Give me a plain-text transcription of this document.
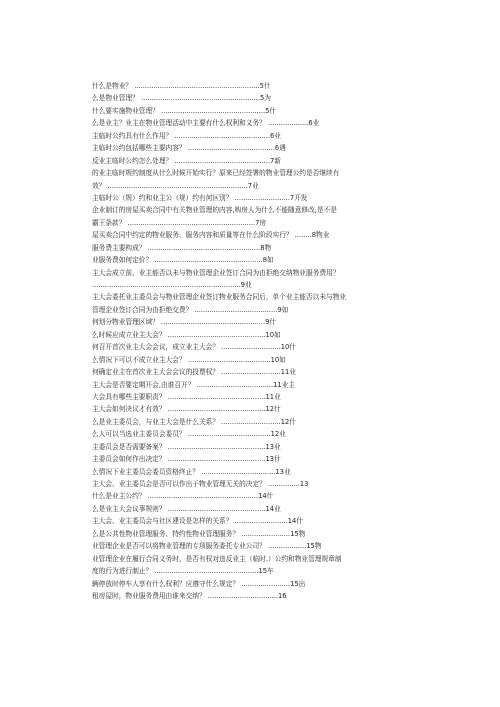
什么是物业？ ...........................................................5什
么是物业管理？ ........................................................5为
什么要实施物业管理？ .................................................5什
么是业主？业主在物业管理活动中主要有什么权利和义务？ ...................6业
主临时公约具有什么作用？ .............................................6业
主临时公约包括哪些主要内容？ .........................................6遇
反业主临时公约怎么处理？ .............................................7新
的业主临时规约制度从什么时候开始实行？原来已经签署的物业管理公约是否继续有
效？ ..................................................................7业
主临时公（规）约和业主公（规）约有何区别？ ..........................7开发
企业制订的房屋买卖合同中有关物业管理的内容,购房人为什么不能随意修改,是不是
霸王条款？ ............................................................7房
屋买卖合同中约定的物业服务、服务内容和质量等在什么阶段实行？ ........8物业
服务费主要构成？ .....................................................8物
业服务费如何定价？ ...................................................8如
主大会成立前，业主能否以未与物业管理企业签订合同为由拒绝交纳物业服务费用？
......................................................................9业
主大会委托业主委员会与物业管理企业签订物业服务合同后，单个业主能否以未与物业
管理企业签订合同为由拒绝交费？ .......................................9如
何划分物业管理区域？ .................................................9什
么时候应成立业主大会？ ..............................................10如
何召开首次业主大会会议，成立业主大会？ ............................10什
么情况下可以不成立业主大会？ .......................................10如
何确定业主在首次业主大会会议的投票权？ ............................11业
主大会是否要定期开会,由谁召开？ ....................................11业主
大会具有哪些主要职责？ ..............................................11业
主大会如何决议才有效？ ..............................................12什
么是业主委员会，与业主大会是什么关系？ ............................12什
么人可以当选业主委员会委员？ .......................................12业
主委员会是否需要备案？ ..............................................13业
主委员会如何作出决定？ ..............................................13什
么情况下业主委员会委员资格终止？ ...................................13业
主大会、业主委员会是否可以作出于物业管理无关的决定？ ...............13
什么是业主公约？ ....................................................14什
么是业主大会议事规则？ ..............................................14业
主大会、业主委员会与社区建设是怎样的关系？ .........................14什
么是公共性物业管理服务、特约性物业管理服务？ .......................15物
业管理企业是否可以将物业管理的专项服务委托专业公司？ ..................15物
业管理企业在履行合同义务时，是否有权对违反业主（临时.）公约和物业管理规章制
度的行为进行制止？ .................................................15车
辆停放时停车人享有什么权利？应遵守什么规定？ .......................15出
租房屋时，物业服务费用由谁来交纳？ .................................16
